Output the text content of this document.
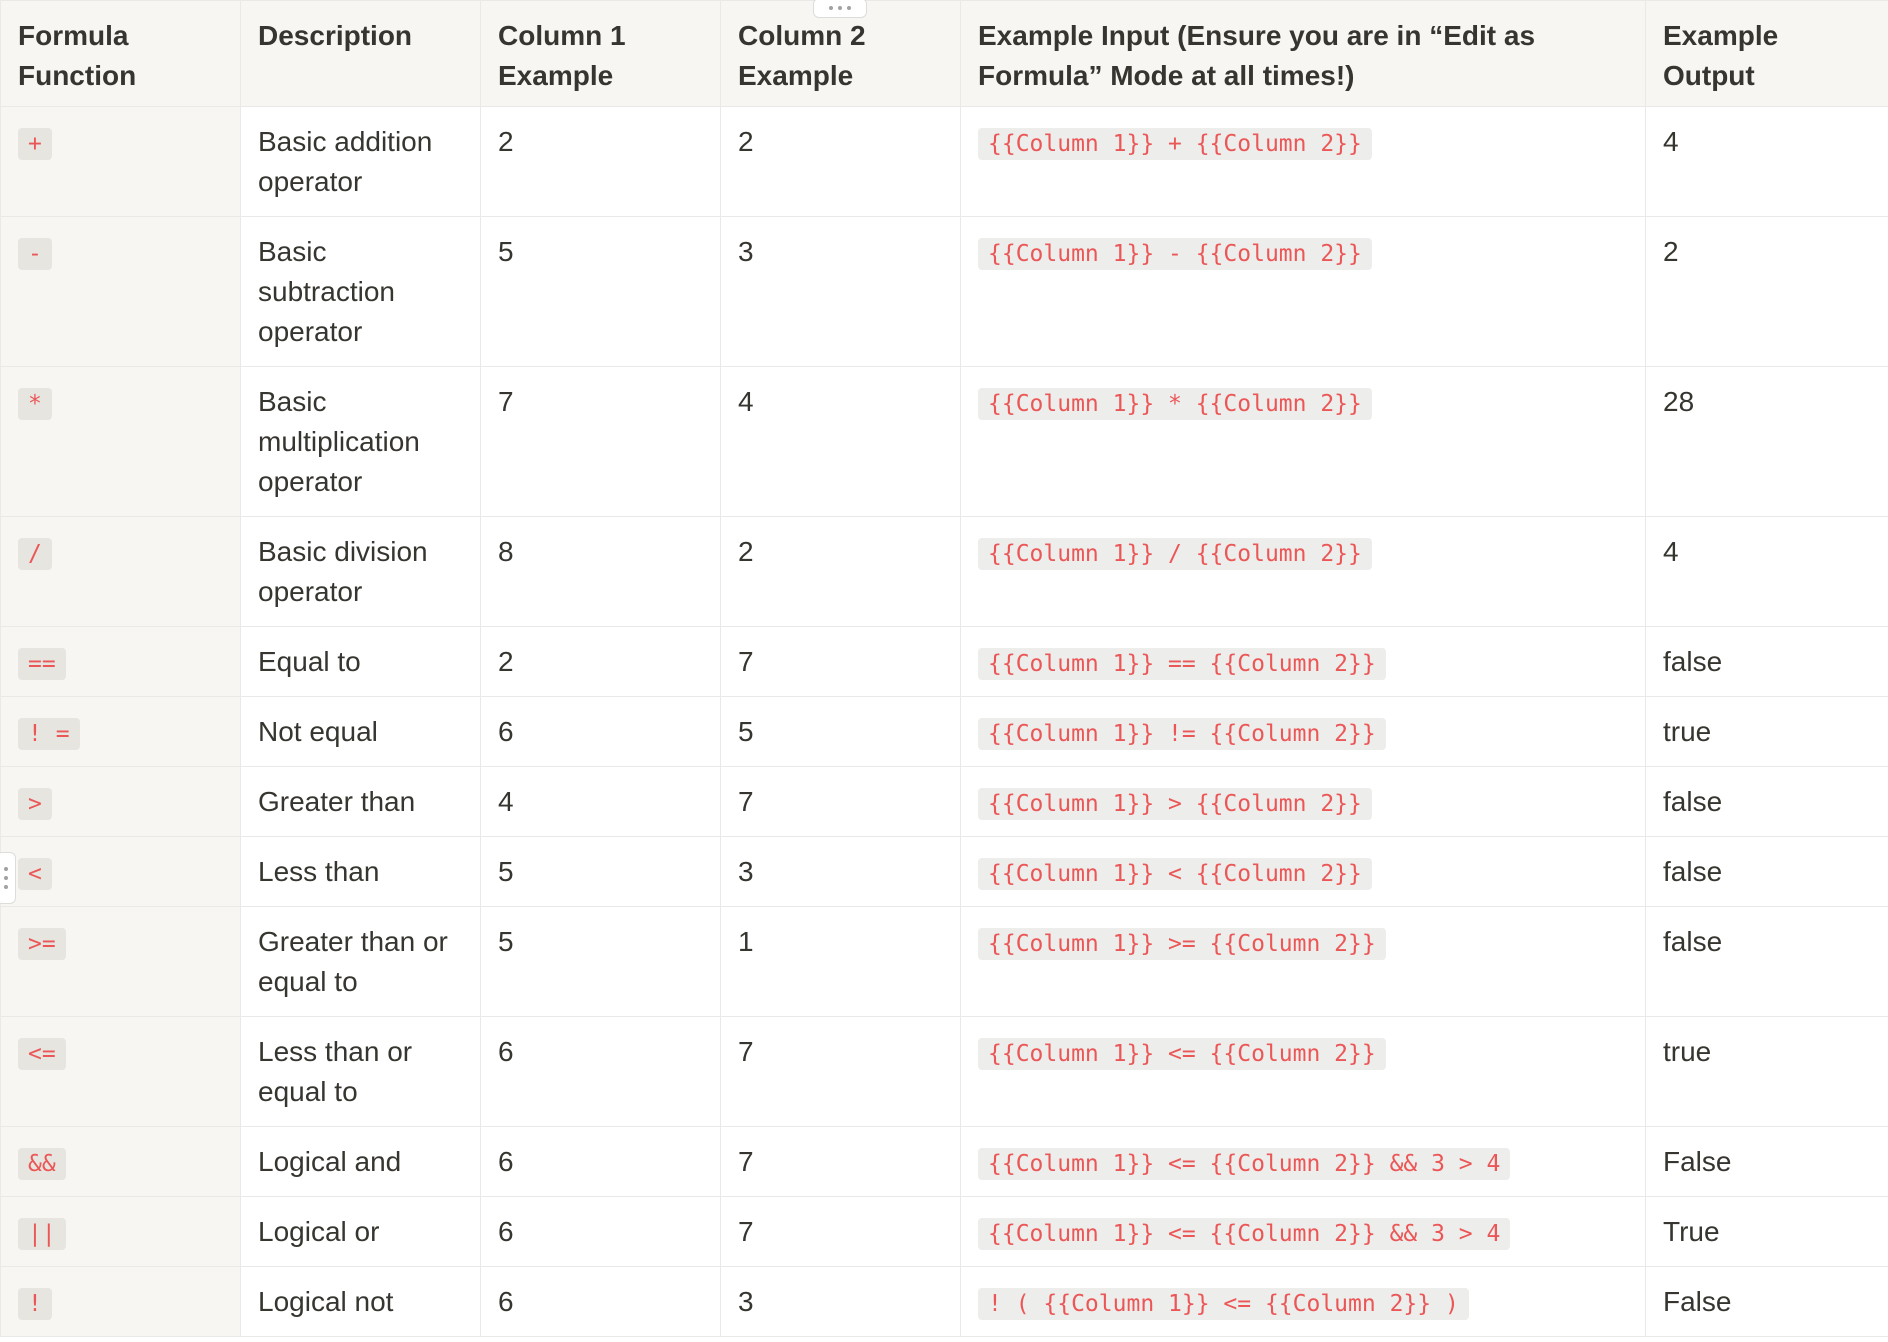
Formula Function	Description	Column 1 Example	Column 2 Example	Example Input (Ensure you are in “Edit as Formula” Mode at all times!)	Example Output
+	Basic addition operator	2	2	{{Column 1}} + {{Column 2}}	4
-	Basic subtraction operator	5	3	{{Column 1}} - {{Column 2}}	2
*	Basic multiplication operator	7	4	{{Column 1}} * {{Column 2}}	28
/	Basic division operator	8	2	{{Column 1}} / {{Column 2}}	4
==	Equal to	2	7	{{Column 1}} == {{Column 2}}	false
! =	Not equal	6	5	{{Column 1}} != {{Column 2}}	true
>	Greater than	4	7	{{Column 1}} > {{Column 2}}	false
<	Less than	5	3	{{Column 1}} < {{Column 2}}	false
>=	Greater than or equal to	5	1	{{Column 1}} >= {{Column 2}}	false
<=	Less than or equal to	6	7	{{Column 1}} <= {{Column 2}}	true
&&	Logical and	6	7	{{Column 1}} <= {{Column 2}} && 3 > 4	False
||	Logical or	6	7	{{Column 1}} <= {{Column 2}} && 3 > 4	True
!	Logical not	6	3	! ( {{Column 1}} <= {{Column 2}} )	False
